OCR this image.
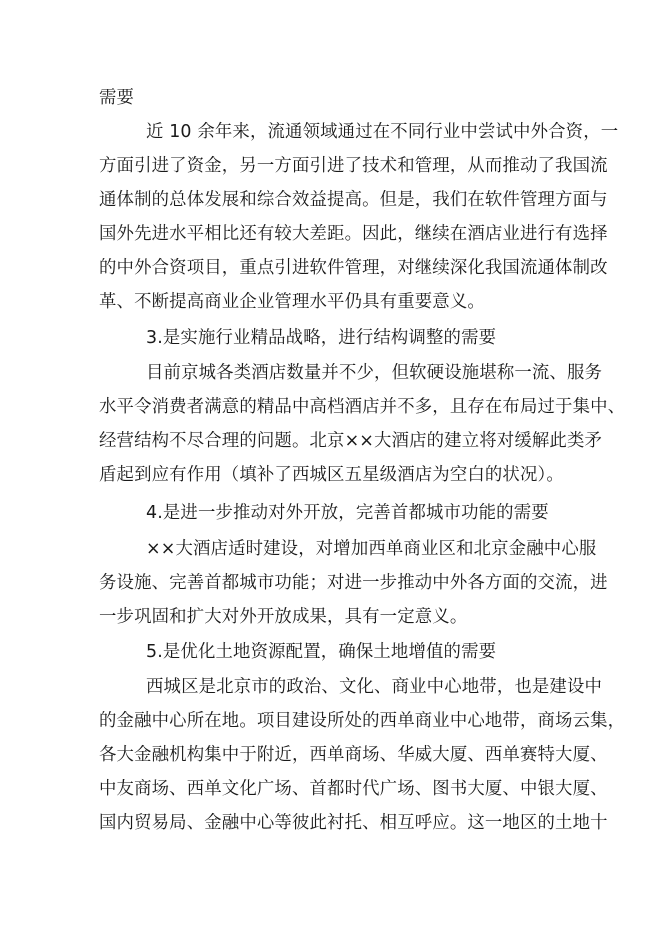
需要
近 10 余年来，流通领域通过在不同行业中尝试中外合资，一
方面引进了资金，另一方面引进了技术和管理，从而推动了我国流
通体制的总体发展和综合效益提高。但是，我们在软件管理方面与
国外先进水平相比还有较大差距。因此，继续在酒店业进行有选择
的中外合资项目，重点引进软件管理，对继续深化我国流通体制改
革、不断提高商业企业管理水平仍具有重要意义。
3.是实施行业精品战略，进行结构调整的需要
目前京城各类酒店数量并不少，但软硬设施堪称一流、服务
水平令消费者满意的精品中高档酒店并不多，且存在布局过于集中、
经营结构不尽合理的问题。北京××大酒店的建立将对缓解此类矛
盾起到应有作用（填补了西城区五星级酒店为空白的状况）。
4.是进一步推动对外开放，完善首都城市功能的需要
××大酒店适时建设，对增加西单商业区和北京金融中心服
务设施、完善首都城市功能；对进一步推动中外各方面的交流，进
一步巩固和扩大对外开放成果，具有一定意义。
5.是优化土地资源配置，确保土地增值的需要
西城区是北京市的政治、文化、商业中心地带，也是建设中
的金融中心所在地。项目建设所处的西单商业中心地带，商场云集，
各大金融机构集中于附近，西单商场、华威大厦、西单赛特大厦、
中友商场、西单文化广场、首都时代广场、图书大厦、中银大厦、
国内贸易局、金融中心等彼此衬托、相互呼应。这一地区的土地十
